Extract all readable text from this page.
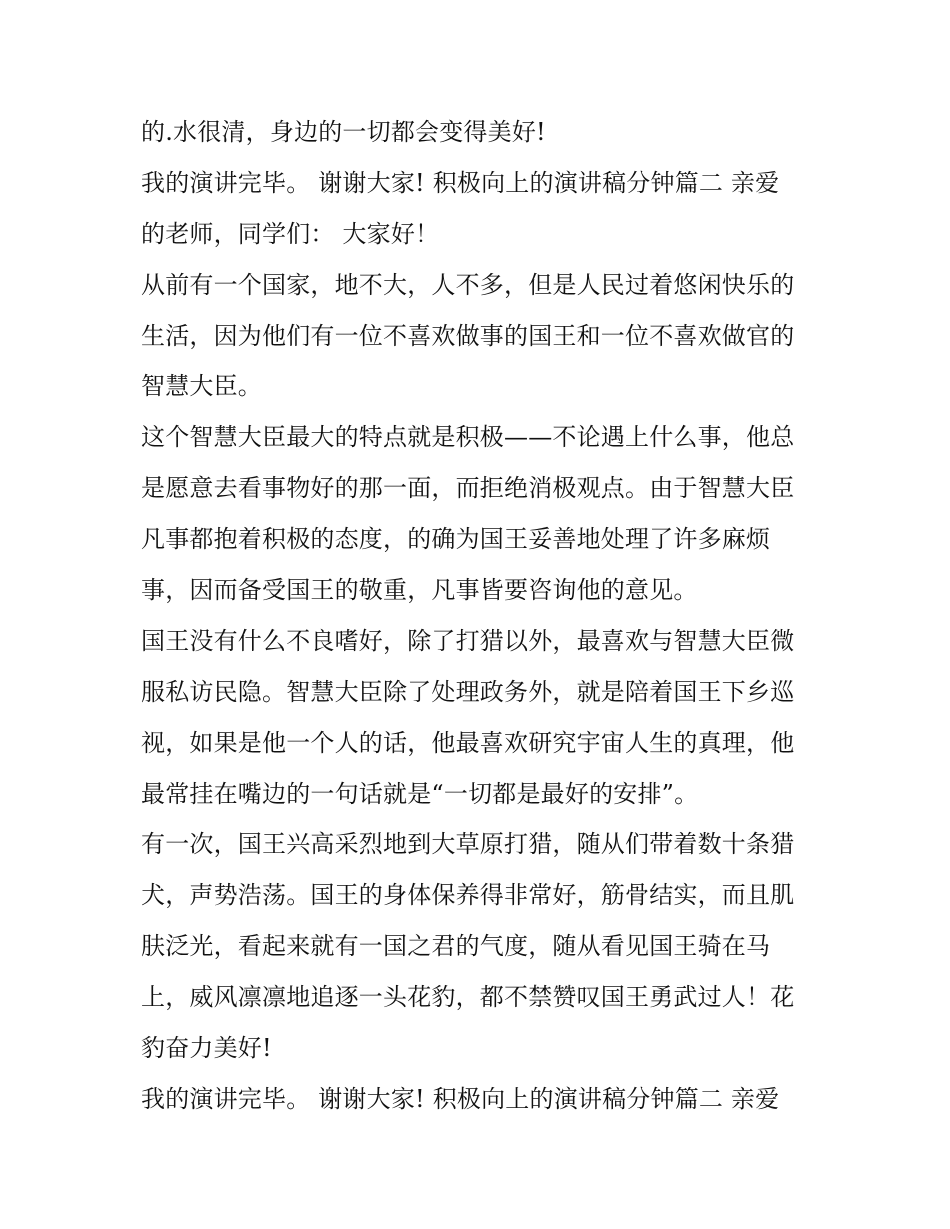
的.水很清，身边的一切都会变得美好!
我的演讲完毕。 谢谢大家! 积极向上的演讲稿分钟篇二 亲爱
的老师，同学们： 大家好！
从前有一个国家，地不大，人不多，但是人民过着悠闲快乐的
生活，因为他们有一位不喜欢做事的国王和一位不喜欢做官的
智慧大臣。
这个智慧大臣最大的特点就是积极——不论遇上什么事，他总
是愿意去看事物好的那一面，而拒绝消极观点。由于智慧大臣
凡事都抱着积极的态度，的确为国王妥善地处理了许多麻烦
事，因而备受国王的敬重，凡事皆要咨询他的意见。
国王没有什么不良嗜好，除了打猎以外，最喜欢与智慧大臣微
服私访民隐。智慧大臣除了处理政务外，就是陪着国王下乡巡
视，如果是他一个人的话，他最喜欢研究宇宙人生的真理，他
最常挂在嘴边的一句话就是“一切都是最好的安排”。
有一次，国王兴高采烈地到大草原打猎，随从们带着数十条猎
犬，声势浩荡。国王的身体保养得非常好，筋骨结实，而且肌
肤泛光，看起来就有一国之君的气度，随从看见国王骑在马
上，威风凛凛地追逐一头花豹，都不禁赞叹国王勇武过人！花
豹奋力美好!
我的演讲完毕。 谢谢大家! 积极向上的演讲稿分钟篇二 亲爱
